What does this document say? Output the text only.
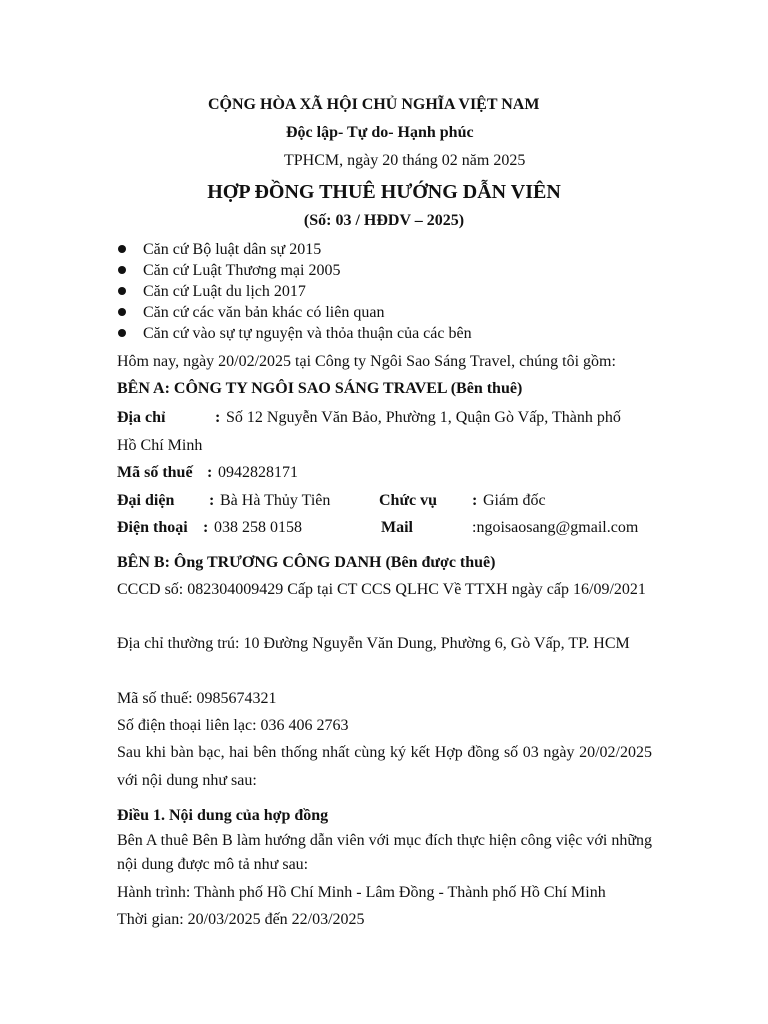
CỘNG HÒA XÃ HỘI CHỦ NGHĨA VIỆT NAM
Độc lập- Tự do- Hạnh phúc
TPHCM, ngày 20 tháng 02 năm 2025
HỢP ĐỒNG THUÊ HƯỚNG DẪN VIÊN
(Số: 03 / HĐDV – 2025)
Căn cứ Bộ luật dân sự 2015
Căn cứ Luật Thương mại 2005
Căn cứ Luật du lịch 2017
Căn cứ các văn bản khác có liên quan
Căn cứ vào sự tự nguyện và thỏa thuận của các bên
Hôm nay, ngày 20/02/2025 tại Công ty Ngôi Sao Sáng Travel, chúng tôi gồm:
BÊN A: CÔNG TY NGÔI SAO SÁNG TRAVEL (Bên thuê)
Địa chỉ	: Số 12 Nguyễn Văn Bảo, Phường 1, Quận Gò Vấp, Thành phố
Hồ Chí Minh
Mã số thuế : 0942828171
Đại diện : Bà Hà Thủy Tiên	Chức vụ : Giám đốc
Điện thoại : 038 258 0158	Mail	:ngoisaosang@gmail.com
BÊN B: Ông TRƯƠNG CÔNG DANH (Bên được thuê)
CCCD số: 082304009429 Cấp tại CT CCS QLHC Về TTXH ngày cấp 16/09/2021
Địa chỉ thường trú: 10 Đường Nguyễn Văn Dung, Phường 6, Gò Vấp, TP. HCM
Mã số thuế: 0985674321
Số điện thoại liên lạc: 036 406 2763
Sau khi bàn bạc, hai bên thống nhất cùng ký kết Hợp đồng số 03 ngày 20/02/2025 với nội dung như sau:
Điều 1. Nội dung của hợp đồng
Bên A thuê Bên B làm hướng dẫn viên với mục đích thực hiện công việc với những nội dung được mô tả như sau:
Hành trình: Thành phố Hồ Chí Minh - Lâm Đồng - Thành phố Hồ Chí Minh
Thời gian: 20/03/2025 đến 22/03/2025
